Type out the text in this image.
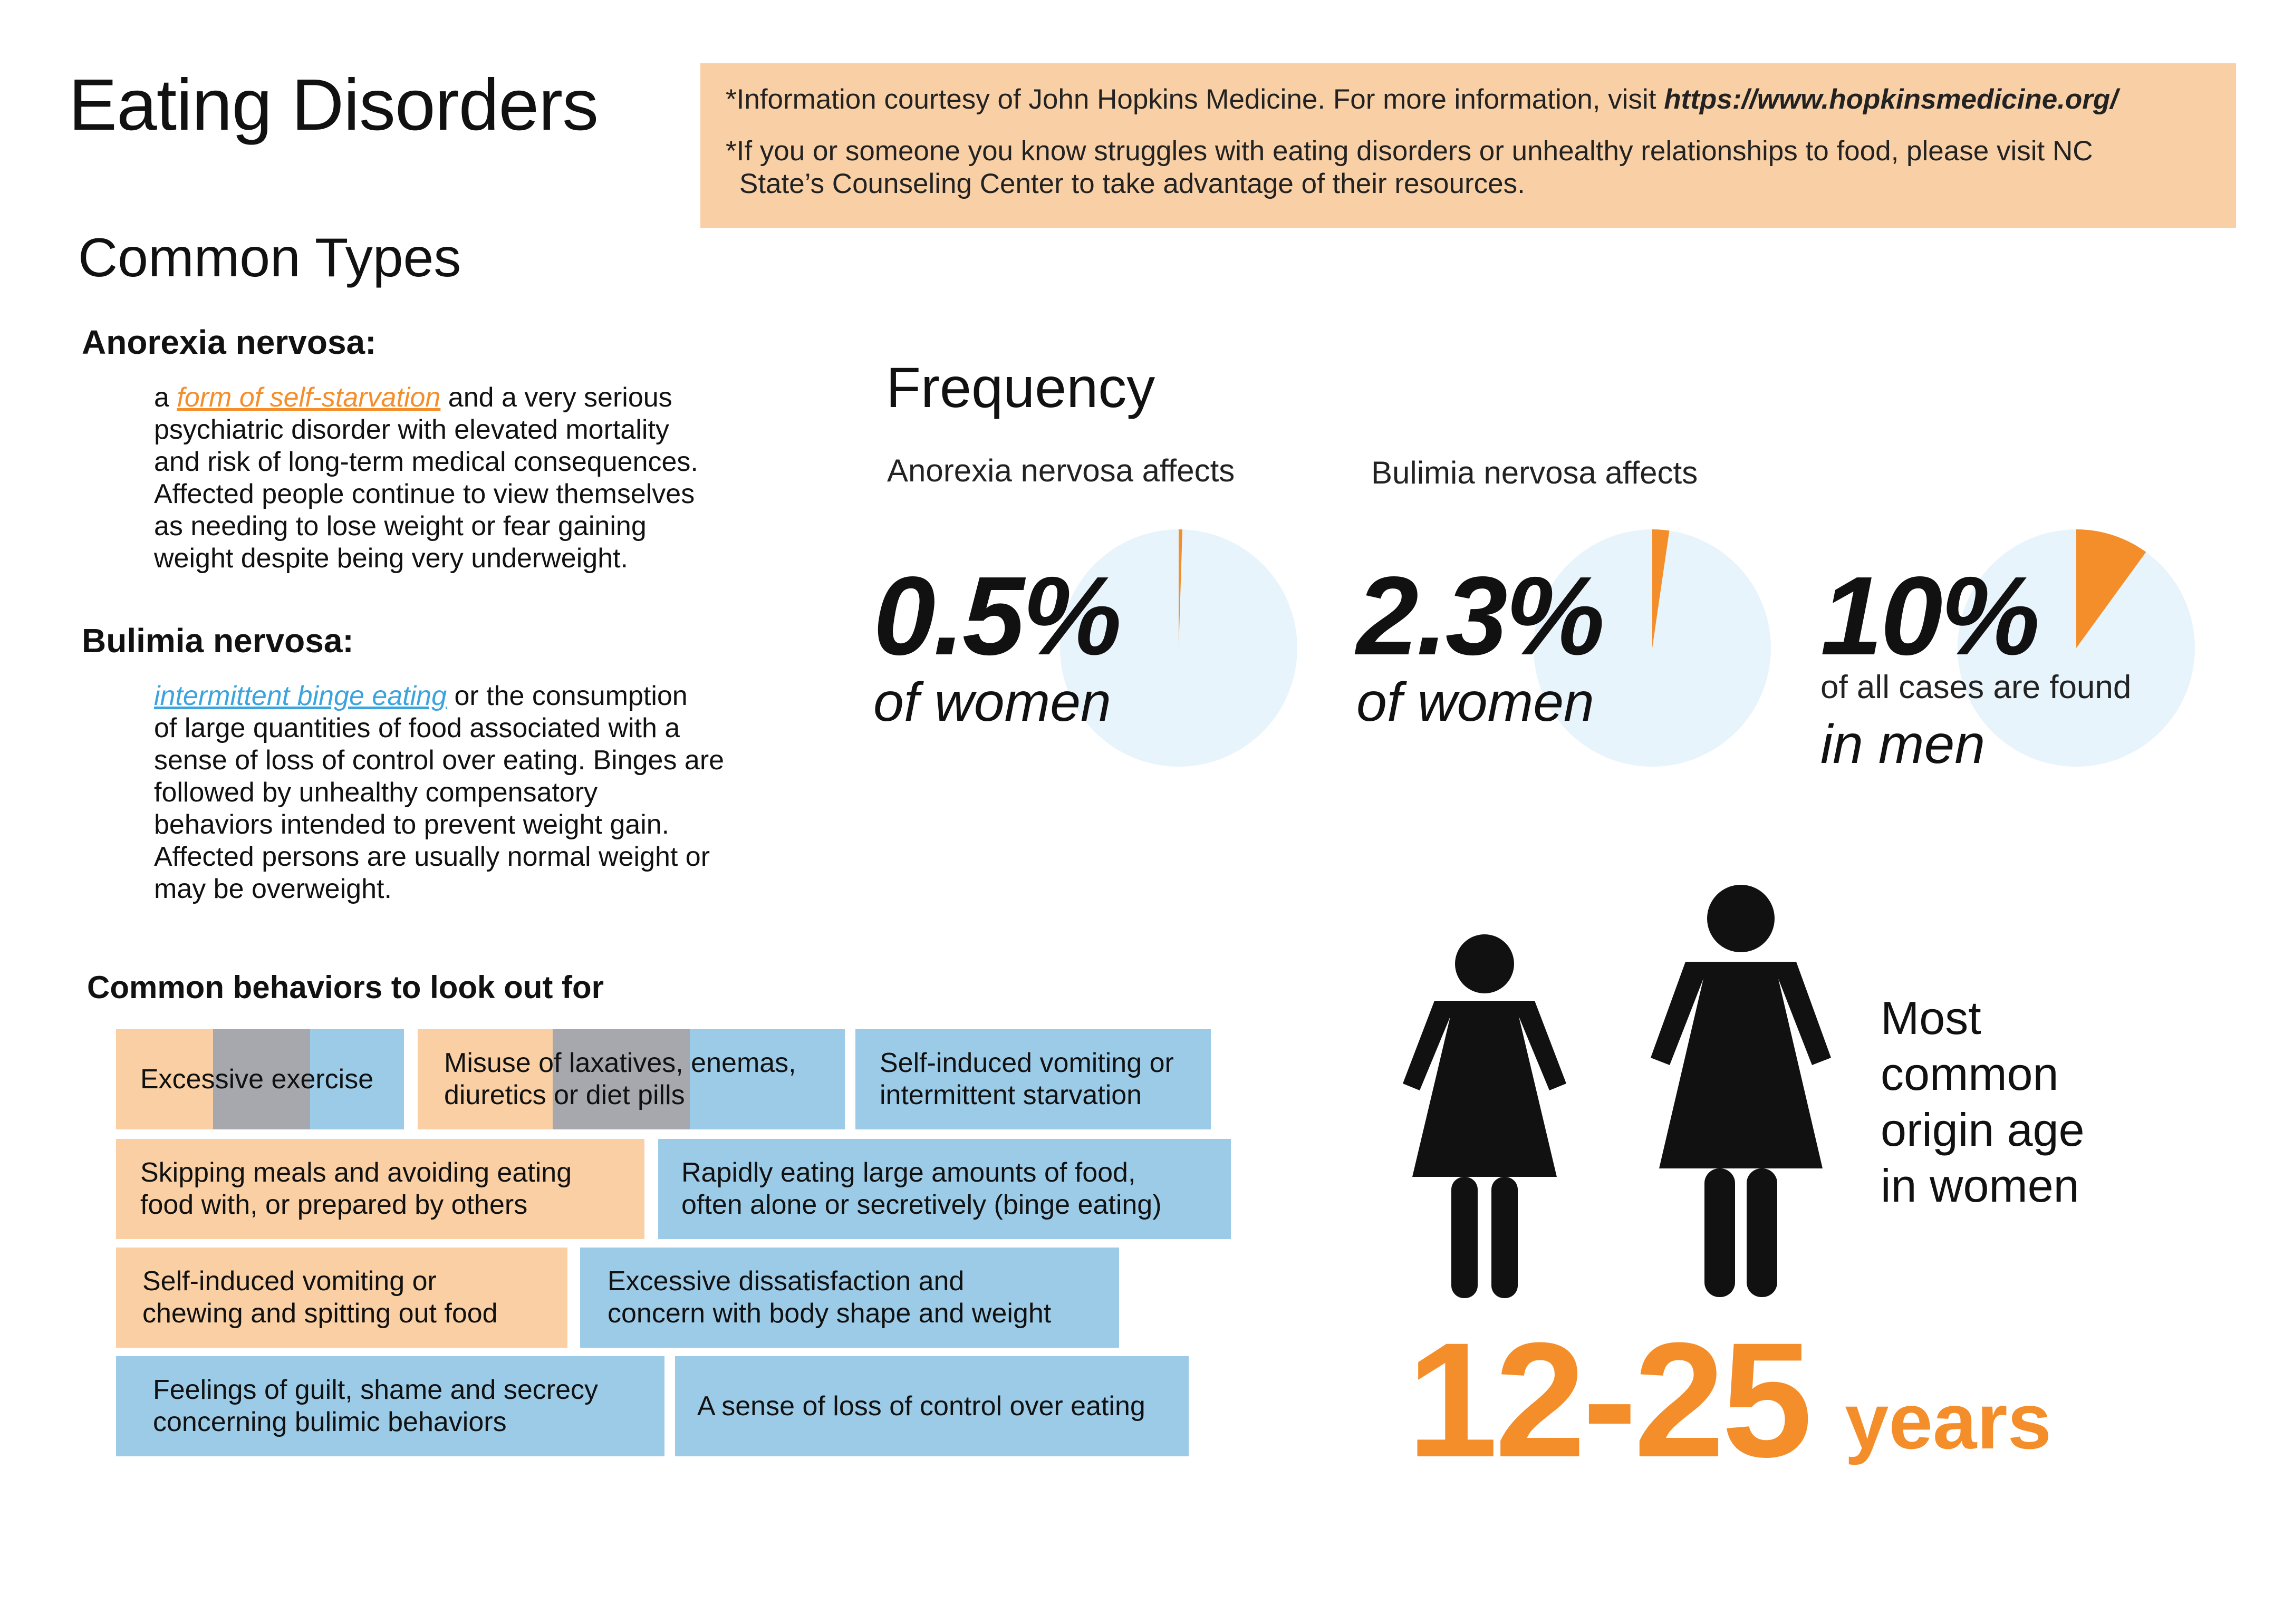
Eating Disorders	*Information courtesy of John Hopkins Medicine. For more information, visit https://www.hopkinsmedicine.org/

*If you or someone you know struggles with eating disorders or unhealthy relationships to food, please visit NC

State’s Counseling Center to take advantage of their resources.

Common Types
Anorexia nervosa:
a form of self-starvation and a very serious
psychiatric disorder with elevated mortality
and risk of long-term medical consequences.
Affected people continue to view themselves
as needing to lose weight or fear gaining
weight despite being very underweight.
Bulimia nervosa:
intermittent binge eating or the consumption
of large quantities of food associated with a
sense of loss of control over eating. Binges are
followed by unhealthy compensatory
behaviors intended to prevent weight gain.
Affected persons are usually normal weight or
may be overweight.
Frequency
Anorexia nervosa affects	Bulimia nervosa affects
0.5%
of women
2.3%
of women
10%
of all cases are found
in men
Common behaviors to look out for
Excessive exercise
Misuse of laxatives, enemas,
diuretics or diet pills
Self-induced vomiting or
intermittent starvation
Skipping meals and avoiding eating
food with, or prepared by others
Rapidly eating large amounts of food,
often alone or secretively (binge eating)
Self-induced vomiting or
chewing and spitting out food
Excessive dissatisfaction and
concern with body shape and weight
Feelings of guilt, shame and secrecy
concerning bulimic behaviors
A sense of loss of control over eating
Most
common
origin age
in women
12-25 years
